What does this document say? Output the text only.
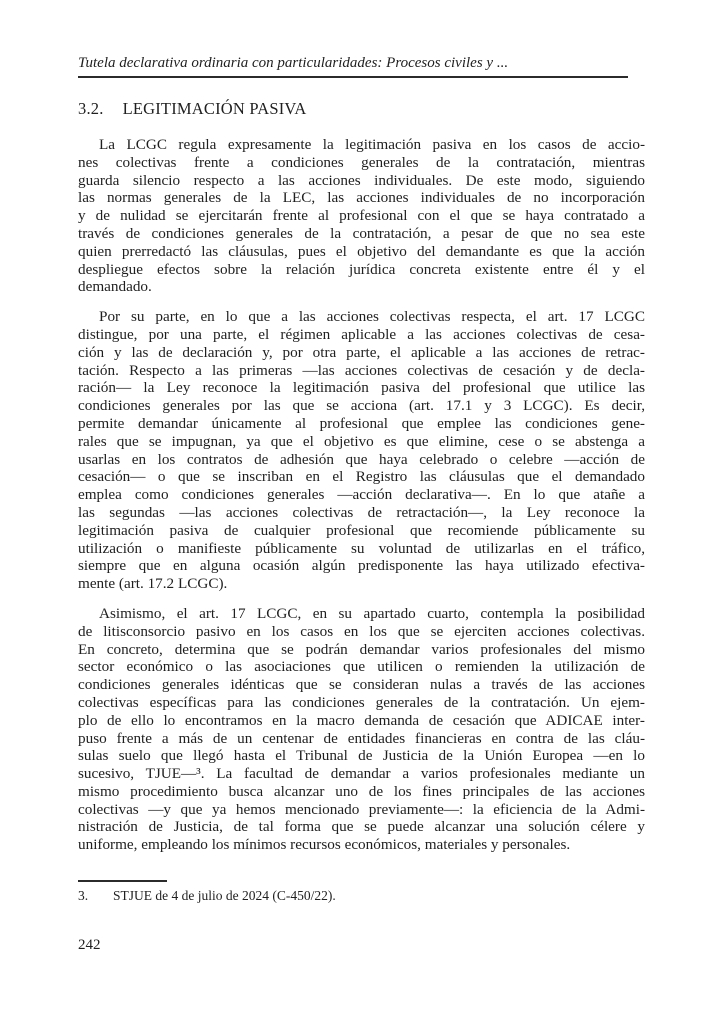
Tutela declarativa ordinaria con particularidades: Procesos civiles y ...
3.2. LEGITIMACIÓN PASIVA
La LCGC regula expresamente la legitimación pasiva en los casos de accio-
nes colectivas frente a condiciones generales de la contratación, mientras
guarda silencio respecto a las acciones individuales. De este modo, siguiendo
las normas generales de la LEC, las acciones individuales de no incorporación
y de nulidad se ejercitarán frente al profesional con el que se haya contratado a
través de condiciones generales de la contratación, a pesar de que no sea este
quien prerredactó las cláusulas, pues el objetivo del demandante es que la acción
despliegue efectos sobre la relación jurídica concreta existente entre él y el
demandado.
Por su parte, en lo que a las acciones colectivas respecta, el art. 17 LCGC
distingue, por una parte, el régimen aplicable a las acciones colectivas de cesa-
ción y las de declaración y, por otra parte, el aplicable a las acciones de retrac-
tación. Respecto a las primeras —las acciones colectivas de cesación y de decla-
ración— la Ley reconoce la legitimación pasiva del profesional que utilice las
condiciones generales por las que se acciona (art. 17.1 y 3 LCGC). Es decir,
permite demandar únicamente al profesional que emplee las condiciones gene-
rales que se impugnan, ya que el objetivo es que elimine, cese o se abstenga a
usarlas en los contratos de adhesión que haya celebrado o celebre —acción de
cesación— o que se inscriban en el Registro las cláusulas que el demandado
emplea como condiciones generales —acción declarativa—. En lo que atañe a
las segundas —las acciones colectivas de retractación—, la Ley reconoce la
legitimación pasiva de cualquier profesional que recomiende públicamente su
utilización o manifieste públicamente su voluntad de utilizarlas en el tráfico,
siempre que en alguna ocasión algún predisponente las haya utilizado efectiva-
mente (art. 17.2 LCGC).
Asimismo, el art. 17 LCGC, en su apartado cuarto, contempla la posibilidad
de litisconsorcio pasivo en los casos en los que se ejerciten acciones colectivas.
En concreto, determina que se podrán demandar varios profesionales del mismo
sector económico o las asociaciones que utilicen o remienden la utilización de
condiciones generales idénticas que se consideran nulas a través de las acciones
colectivas específicas para las condiciones generales de la contratación. Un ejem-
plo de ello lo encontramos en la macro demanda de cesación que ADICAE inter-
puso frente a más de un centenar de entidades financieras en contra de las cláu-
sulas suelo que llegó hasta el Tribunal de Justicia de la Unión Europea —en lo
sucesivo, TJUE—³. La facultad de demandar a varios profesionales mediante un
mismo procedimiento busca alcanzar uno de los fines principales de las acciones
colectivas —y que ya hemos mencionado previamente—: la eficiencia de la Admi-
nistración de Justicia, de tal forma que se puede alcanzar una solución célere y
uniforme, empleando los mínimos recursos económicos, materiales y personales.
3.	STJUE de 4 de julio de 2024 (C-450/22).
242
